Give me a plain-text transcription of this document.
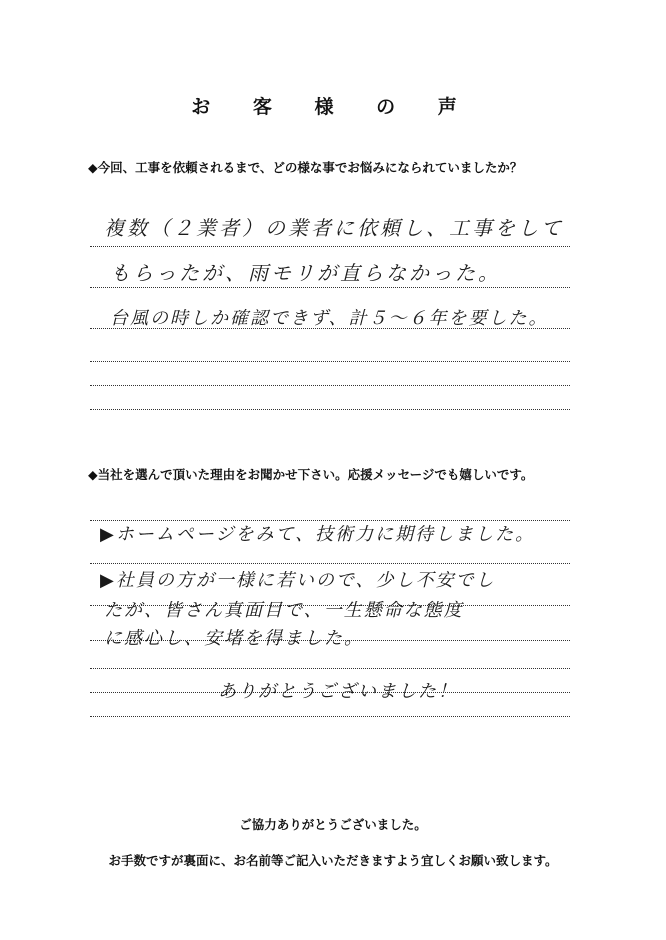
お 客 様 の 声
◆今回、工事を依頼されるまで、どの様な事でお悩みになられていましたか？
複数（２業者）の業者に依頼し、工事をして
もらったが、雨モリが直らなかった。
台風の時しか確認できず、計５〜６年を要した。
◆当社を選んで頂いた理由をお聞かせ下さい。応援メッセージでも嬉しいです。
▶ホームページをみて、技術力に期待しました。
▶社員の方が一様に若いので、少し不安でし
たが、皆さん真面目で、一生懸命な態度
に感心し、安堵を得ました。
ありがとうございました！
ご協力ありがとうございました。
お手数ですが裏面に、お名前等ご記入いただきますよう宜しくお願い致します。
